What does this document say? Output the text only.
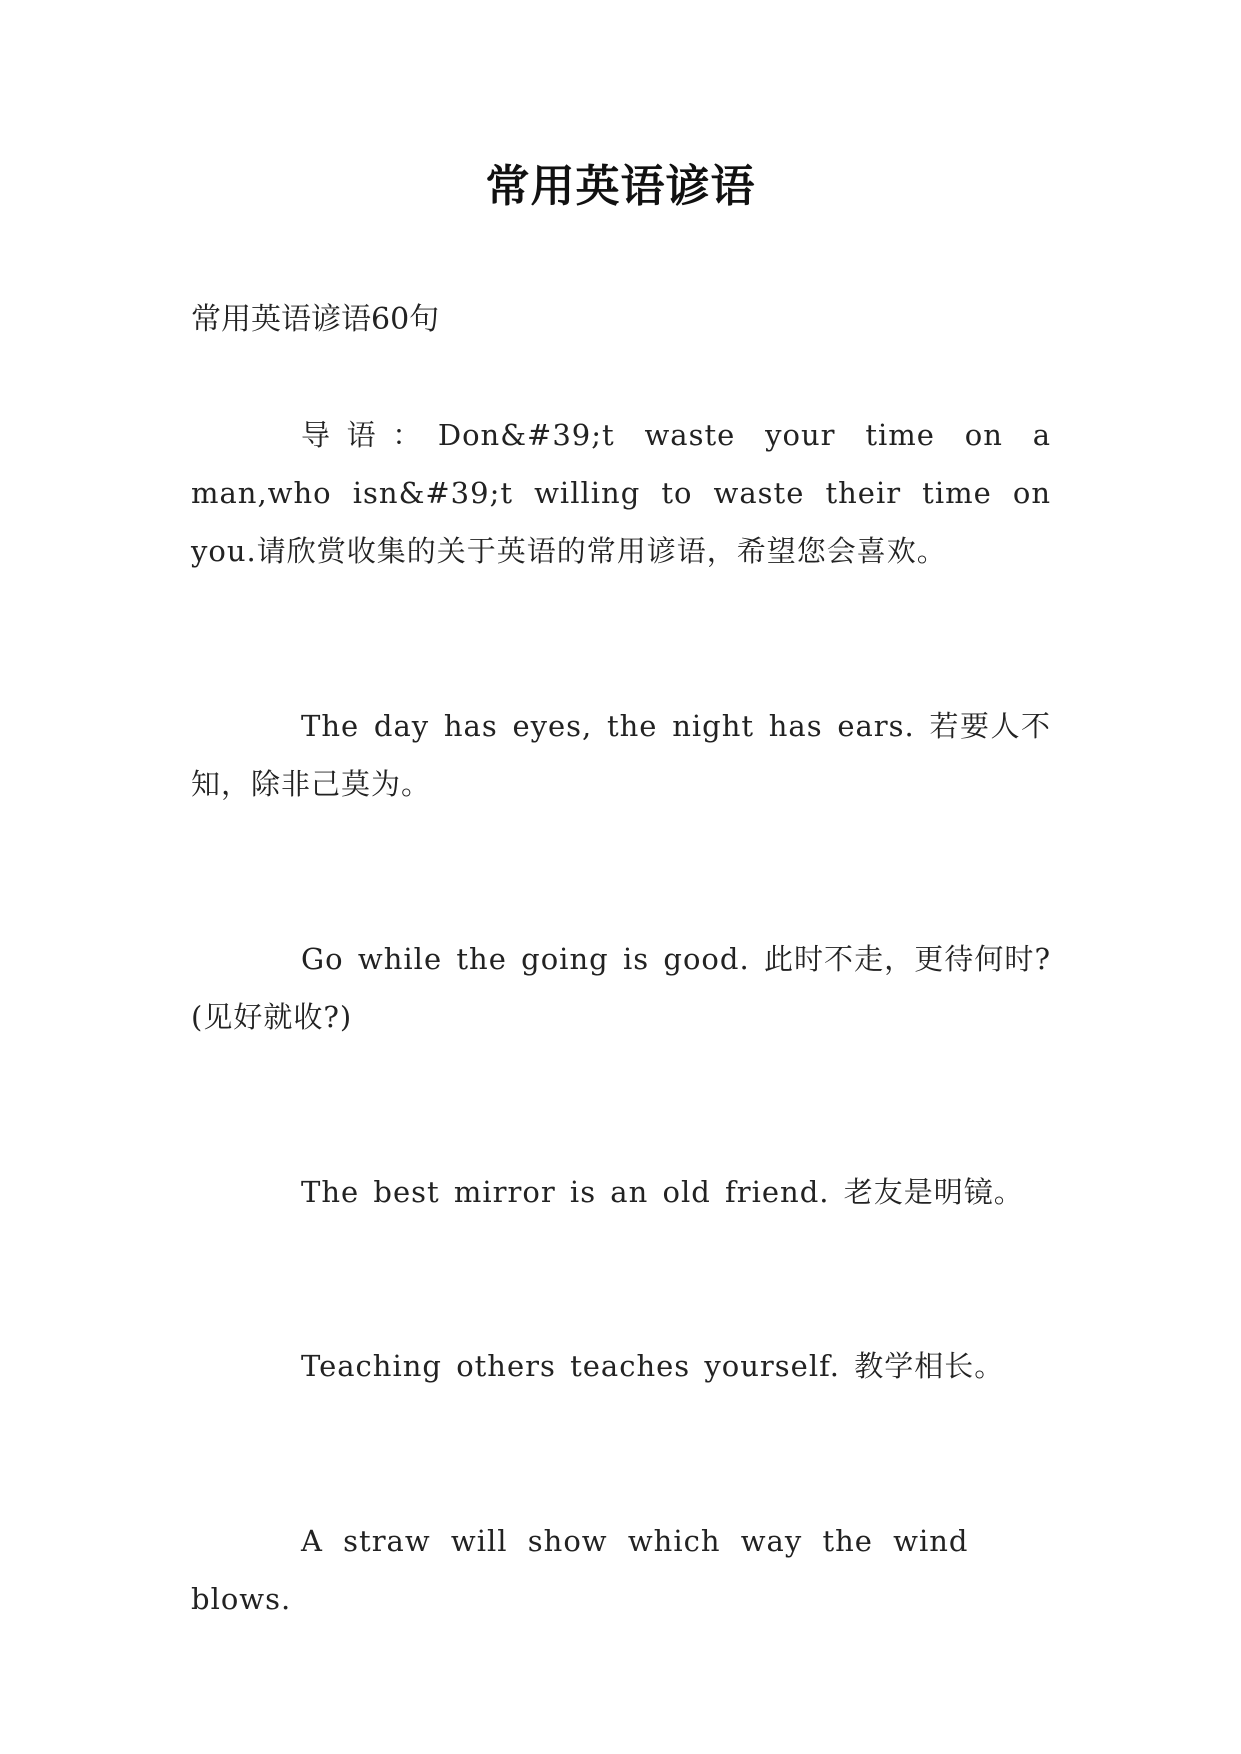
常用英语谚语

常用英语谚语60句

导语：Don&#39;t waste your time on a man,who isn&#39;t willing to waste their time on you.请欣赏收集的关于英语的常用谚语，希望您会喜欢。

The day has eyes, the night has ears. 若要人不知，除非己莫为。

Go while the going is good. 此时不走，更待何时?(见好就收?)

The best mirror is an old friend. 老友是明镜。

Teaching others teaches yourself. 教学相长。

A straw will show which way the wind blows.
